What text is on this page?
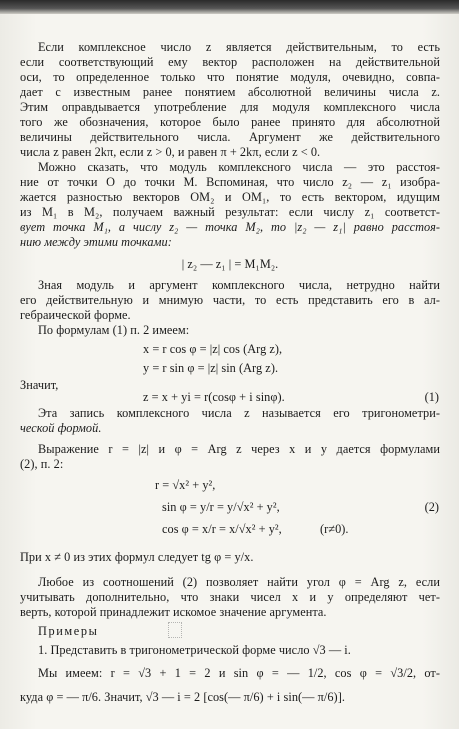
Если комплексное число z является действительным, то есть
если соответствующий ему вектор расположен на действительной
оси, то определенное только что понятие модуля, очевидно, совпа-
дает с известным ранее понятием абсолютной величины числа z.
Этим оправдывается употребление для модуля комплексного числа
того же обозначения, которое было ранее принято для абсолютной
величины действительного числа. Аргумент же действительного
числа z равен 2kπ, если z > 0, и равен π + 2kπ, если z < 0.
Можно сказать, что модуль комплексного числа — это расстоя-
ние от точки O до точки M. Вспоминая, что число z₂ — z₁ изобра-
жается разностью векторов OM₂ и OM₁, то есть вектором, идущим
из M₁ в M₂, получаем важный результат: если числу z₁ соответст-
вует точка M₁, а числу z₂ — точка M₂, то |z₂ — z₁| равно расстоя-
нию между этими точками:
| z₂ — z₁ | = M₁M₂.
Зная модуль и аргумент комплексного числа, нетрудно найти
его действительную и мнимую части, то есть представить его в ал-
гебраической форме.
По формулам (1) п. 2 имеем:
x = r cos φ = |z| cos (Arg z),
y = r sin φ = |z| sin (Arg z).
Значит,
z = x + yi = r(cosφ + i sinφ).	(1)
Эта запись комплексного числа z называется его тригонометри-
ческой формой.
Выражение r = |z| и φ = Arg z через x и y дается формулами
(2), п. 2:
r = √x² + y²,
sin φ = y/r = y/√x² + y²,	(2)
cos φ = x/r = x/√x² + y²,	(r≠0).
При x ≠ 0 из этих формул следует tg φ = y/x.
Любое из соотношений (2) позволяет найти угол φ = Arg z, если
учитывать дополнительно, что знаки чисел x и y определяют чет-
верть, которой принадлежит искомое значение аргумента.
Примеры
1. Представить в тригонометрической форме число √3 — i.
Мы имеем: r = √3 + 1 = 2 и sin φ = — 1/2, cos φ = √3/2, от-
куда φ = — π/6. Значит, √3 — i = 2 [cos(— π/6) + i sin(— π/6)].
